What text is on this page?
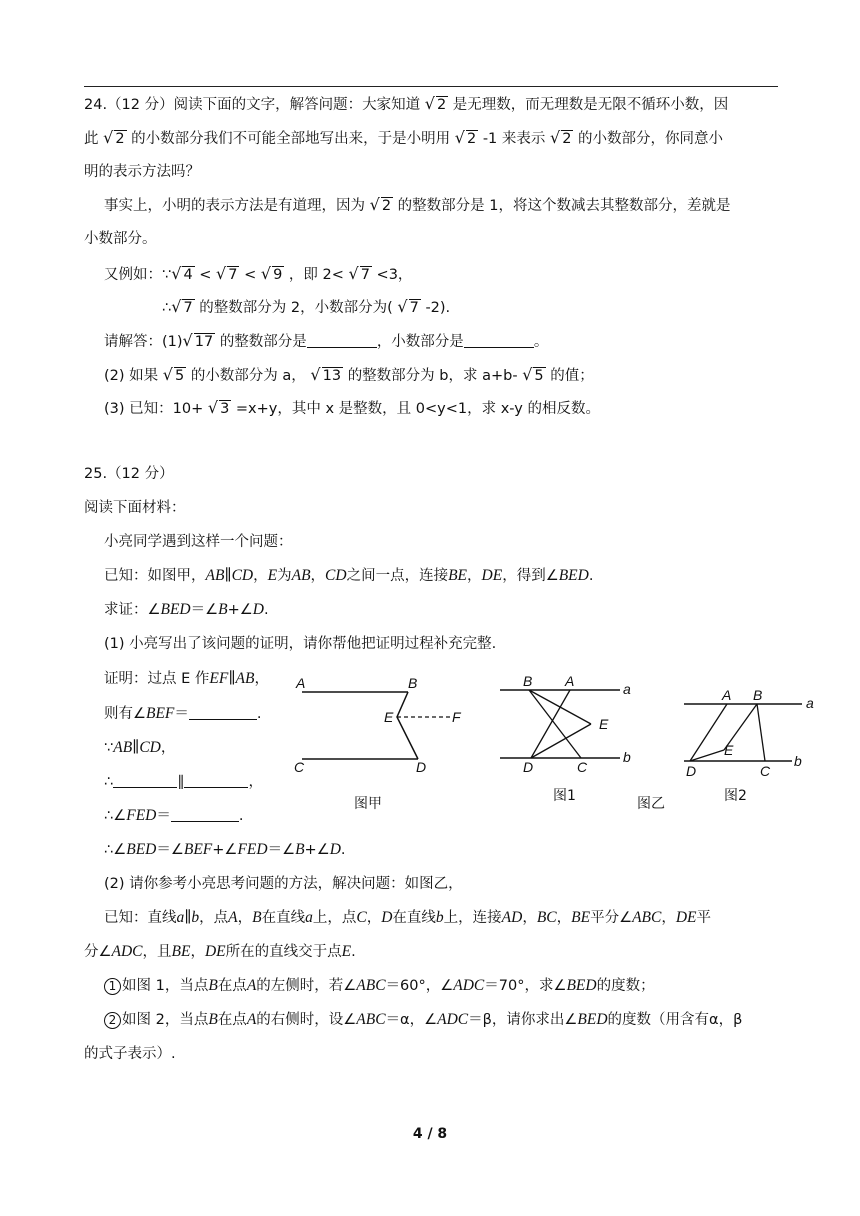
24.（12 分）阅读下面的文字，解答问题：大家知道 √ 2 是无理数，而无理数是无限不循环小数，因
此 √ 2 的小数部分我们不可能全部地写出来，于是小明用 √ 2 -1 来表示 √ 2 的小数部分，你同意小
明的表示方法吗？
事实上，小明的表示方法是有道理，因为 √ 2 的整数部分是 1，将这个数减去其整数部分，差就是
小数部分。
又例如：∵√ 4 < √ 7 < √ 9 ，即 2< √ 7 <3，
∴√ 7 的整数部分为 2，小数部分为( √ 7 -2).
请解答：(1)√ 17 的整数部分是	，小数部分是	。
(2) 如果 √ 5 的小数部分为 a， √ 13 的整数部分为 b，求 a+b- √ 5 的值；
(3) 已知：10+ √ 3 =x+y，其中 x 是整数，且 0<y<1，求 x-y 的相反数。
25.（12 分）
阅读下面材料：
小亮同学遇到这样一个问题：
已知：如图甲，AB∥CD，E为AB，CD之间一点，连接BE，DE，得到∠BED.
求证：∠BED＝∠B+∠D.
(1) 小亮写出了该问题的证明，请你帮他把证明过程补充完整.
证明：过点 E 作EF∥AB，
则有∠BEF＝	.
∵AB∥CD，
∴	∥	，
∴∠FED＝	.
∴∠BED＝∠BEF+∠FED＝∠B+∠D.
(2) 请你参考小亮思考问题的方法，解决问题：如图乙，
已知：直线a∥b，点A，B在直线a上，点C，D在直线b上，连接AD，BC，BE平分∠ABC，DE平
分∠ADC，且BE，DE所在的直线交于点E.
1 如图 1，当点B在点A的左侧时，若∠ABC＝60°，∠ADC＝70°，求∠BED的度数；
2 如图 2，当点B在点A的右侧时，设∠ABC＝α，∠ADC＝β，请你求出∠BED的度数（用含有α，β
的式子表示）.
A	B
C	D
E	F
图甲
B A	a
E
D	C
b
图1	图乙
A B	a
E
D	C
b
图2
4 / 8
